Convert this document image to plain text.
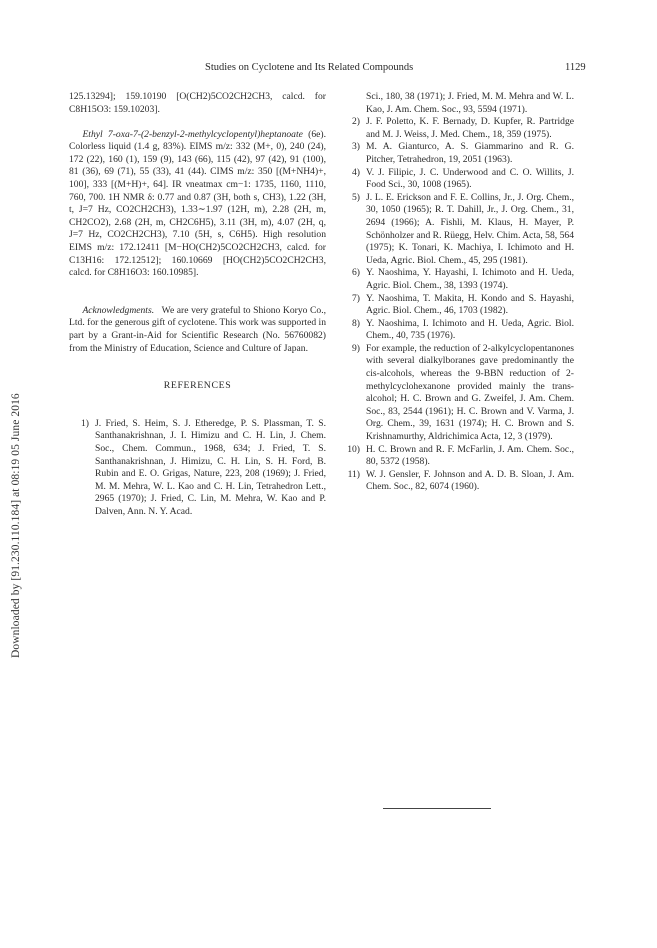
Studies on Cyclotene and Its Related Compounds	1129
Downloaded by [91.230.110.184] at 08:19 05 June 2016

125.13294]; 159.10190 [O(CH2)5CO2CH2CH3, calcd. for C8H15O3: 159.10203].

Ethyl 7-oxa-7-(2-benzyl-2-methylcyclopentyl)heptanoate (6e). Colorless liquid (1.4 g, 83%). EIMS m/z: 332 (M+, 0), 240 (24), 172 (22), 160 (1), 159 (9), 143 (66), 115 (42), 97 (42), 91 (100), 81 (36), 69 (71), 55 (33), 41 (44). CIMS m/z: 350 [(M+NH4)+, 100], 333 [(M+H)+, 64]. IR νneatmax cm−1: 1735, 1160, 1110, 760, 700. 1H NMR δ: 0.77 and 0.87 (3H, both s, CH3), 1.22 (3H, t, J=7 Hz, CO2CH2CH3), 1.33∼1.97 (12H, m), 2.28 (2H, m, CH2CO2), 2.68 (2H, m, CH2C6H5), 3.11 (3H, m), 4.07 (2H, q, J=7 Hz, CO2CH2CH3), 7.10 (5H, s, C6H5). High resolution EIMS m/z: 172.12411 [M−HO(CH2)5CO2CH2CH3, calcd. for C13H16: 172.12512]; 160.10669 [HO(CH2)5CO2CH2CH3, calcd. for C8H16O3: 160.10985].

Acknowledgments. We are very grateful to Shiono Koryo Co., Ltd. for the generous gift of cyclotene. This work was supported in part by a Grant-in-Aid for Scientific Research (No. 56760082) from the Ministry of Education, Science and Culture of Japan.

REFERENCES

1) J. Fried, S. Heim, S. J. Etheredge, P. S. Plassman, T. S. Santhanakrishnan, J. I. Himizu and C. H. Lin, J. Chem. Soc., Chem. Commun., 1968, 634; J. Fried, T. S. Santhanakrishnan, J. Himizu, C. H. Lin, S. H. Ford, B. Rubin and E. O. Grigas, Nature, 223, 208 (1969); J. Fried, M. M. Mehra, W. L. Kao and C. H. Lin, Tetrahedron Lett., 2965 (1970); J. Fried, C. Lin, M. Mehra, W. Kao and P. Dalven, Ann. N. Y. Acad.
Sci., 180, 38 (1971); J. Fried, M. M. Mehra and W. L. Kao, J. Am. Chem. Soc., 93, 5594 (1971).
2) J. F. Poletto, K. F. Bernady, D. Kupfer, R. Partridge and M. J. Weiss, J. Med. Chem., 18, 359 (1975).
3) M. A. Gianturco, A. S. Giammarino and R. G. Pitcher, Tetrahedron, 19, 2051 (1963).
4) V. J. Filipic, J. C. Underwood and C. O. Willits, J. Food Sci., 30, 1008 (1965).
5) J. L. E. Erickson and F. E. Collins, Jr., J. Org. Chem., 30, 1050 (1965); R. T. Dahill, Jr., J. Org. Chem., 31, 2694 (1966); A. Fishli, M. Klaus, H. Mayer, P. Schönholzer and R. Rüegg, Helv. Chim. Acta, 58, 564 (1975); K. Tonari, K. Machiya, I. Ichimoto and H. Ueda, Agric. Biol. Chem., 45, 295 (1981).
6) Y. Naoshima, Y. Hayashi, I. Ichimoto and H. Ueda, Agric. Biol. Chem., 38, 1393 (1974).
7) Y. Naoshima, T. Makita, H. Kondo and S. Hayashi, Agric. Biol. Chem., 46, 1703 (1982).
8) Y. Naoshima, I. Ichimoto and H. Ueda, Agric. Biol. Chem., 40, 735 (1976).
9) For example, the reduction of 2-alkylcyclopentanones with several dialkylboranes gave predominantly the cis-alcohols, whereas the 9-BBN reduction of 2-methylcyclohexanone provided mainly the trans-alcohol; H. C. Brown and G. Zweifel, J. Am. Chem. Soc., 83, 2544 (1961); H. C. Brown and V. Varma, J. Org. Chem., 39, 1631 (1974); H. C. Brown and S. Krishnamurthy, Aldrichimica Acta, 12, 3 (1979).
10) H. C. Brown and R. F. McFarlin, J. Am. Chem. Soc., 80, 5372 (1958).
11) W. J. Gensler, F. Johnson and A. D. B. Sloan, J. Am. Chem. Soc., 82, 6074 (1960).
